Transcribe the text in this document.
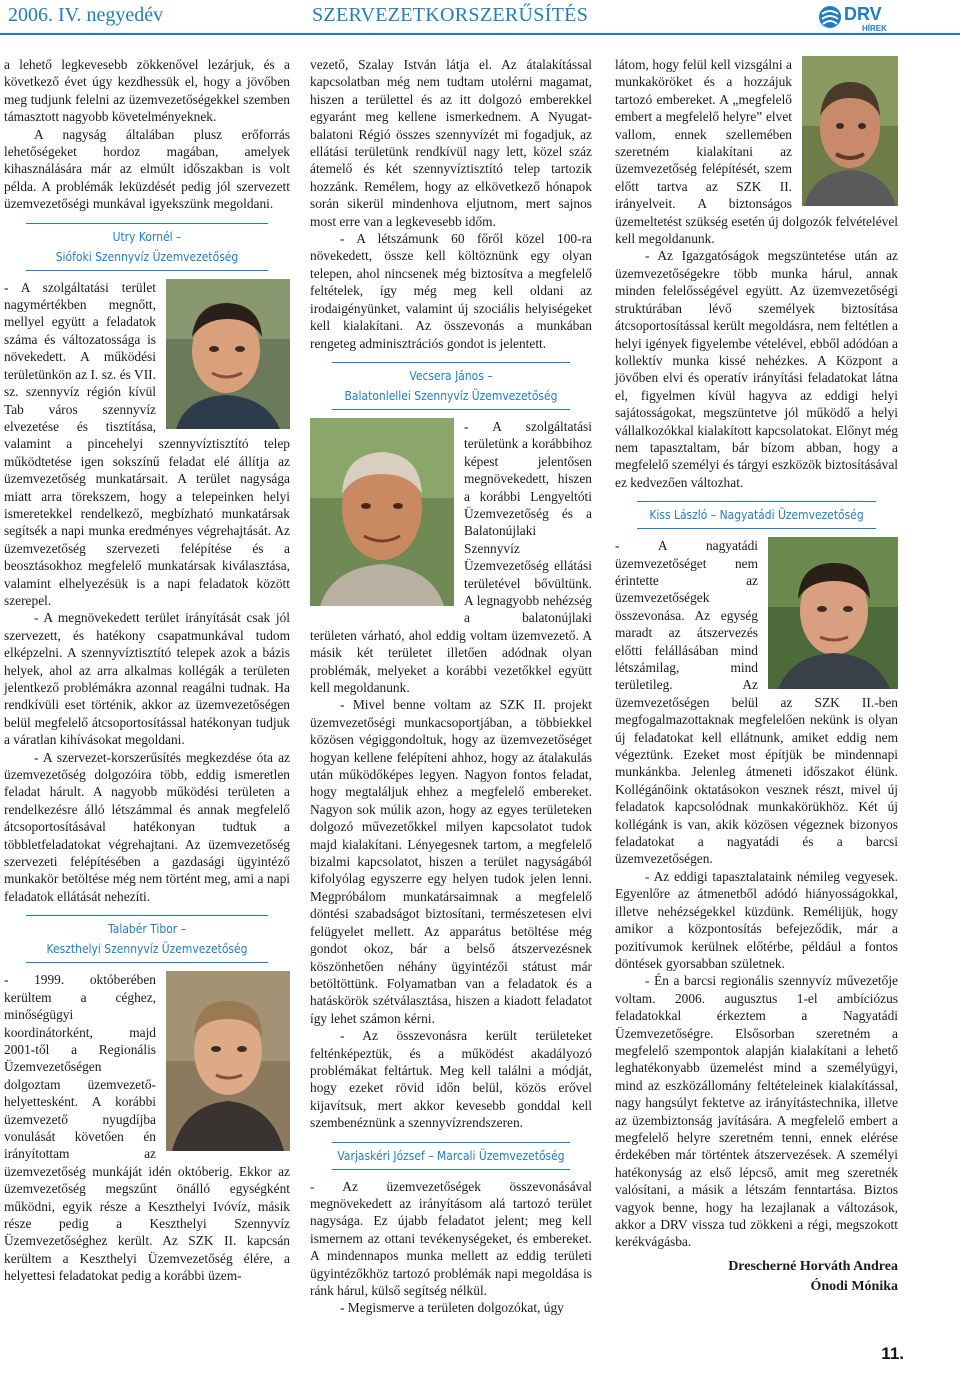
2006. IV. negyedév	SZERVEZETKORSZERŰSÍTÉS	DRV
HÍREK

a lehető legkevesebb zökkenővel lezárjuk, és a következő évet úgy kezdhessük el, hogy a jövőben meg tudjunk felelni az üzemvezetőségekkel szemben támasztott nagyobb követelményeknek.

A nagyság általában plusz erőforrás lehetőségeket hordoz magában, amelyek kihasználására már az elmúlt időszakban is volt példa. A problémák leküzdését pedig jól szervezett üzemvezetőségi munkával igyekszünk megoldani.

Utry Kornél –
Siófoki Szennyvíz Üzemvezetőség

- A szolgáltatási terület nagymértékben megnőtt, mellyel együtt a feladatok száma és változatossága is növekedett. A működési területünkön az I. sz. és VII. sz. szennyvíz régión kívül Tab város szennyvíz elvezetése és tisztítása, valamint a pincehelyi szennyvíztisztító telep működtetése igen sokszínű feladat elé állítja az üzemvezetőség munkatársait. A terület nagysága miatt arra törekszem, hogy a telepeinken helyi ismeretekkel rendelkező, megbízható munkatársak segítsék a napi munka eredményes végrehajtását. Az üzemvezetőség szervezeti felépítése és a beosztásokhoz megfelelő munkatársak kiválasztása, valamint elhelyezésük is a napi feladatok között szerepel.

- A megnövekedett terület irányítását csak jól szervezett, és hatékony csapatmunkával tudom elképzelni. A szennyvíztisztító telepek azok a bázis helyek, ahol az arra alkalmas kollégák a területen jelentkező problémákra azonnal reagálni tudnak. Ha rendkívüli eset történik, akkor az üzemvezetőségen belül megfelelő átcsoportosítással hatékonyan tudjuk a váratlan kihívásokat megoldani.

- A szervezet-korszerűsítés megkezdése óta az üzemvezetőség dolgozóira több, eddig ismeretlen feladat hárult. A nagyobb működési területen a rendelkezésre álló létszámmal és annak megfelelő átcsoportosításával hatékonyan tudtuk a többletfeladatokat végrehajtani. Az üzemvezetőség szervezeti felépítésében a gazdasági ügyintéző munkakör betöltése még nem történt meg, ami a napi feladatok ellátását nehezíti.

Talabér Tibor –
Keszthelyi Szennyvíz Üzemvezetőség

- 1999. októberében kerültem a céghez, minőségügyi koordinátorként, majd 2001-től a Regionális Üzemvezetőségen dolgoztam üzemvezető-helyettesként. A korábbi üzemvezető nyugdíjba vonulását követően én irányítottam az üzemvezetőség munkáját idén októberig. Ekkor az üzemvezetőség megszűnt önálló egységként működni, egyik része a Keszthelyi Ivóvíz, másik része pedig a Keszthelyi Szennyvíz Üzemvezetőséghez került. Az SZK II. kapcsán kerültem a Keszthelyi Üzemvezetőség élére, a helyettesi feladatokat pedig a korábbi üzem-

vezető, Szalay István látja el. Az átalakítással kapcsolatban még nem tudtam utolérni magamat, hiszen a területtel és az itt dolgozó emberekkel egyaránt meg kellene ismerkednem. A Nyugat-balatoni Régió összes szennyvízét mi fogadjuk, az ellátási területünk rendkívül nagy lett, közel száz átemelő és két szennyvíztisztító telep tartozik hozzánk. Remélem, hogy az elkövetkező hónapok során sikerül mindenhova eljutnom, mert sajnos most erre van a legkevesebb időm.

- A létszámunk 60 főről közel 100-ra növekedett, össze kell költöznünk egy olyan telepen, ahol nincsenek még biztosítva a megfelelő feltételek, így még meg kell oldani az irodaigényünket, valamint új szociális helyiségeket kell kialakítani. Az összevonás a munkában rengeteg adminisztrációs gondot is jelentett.

Vecsera János –
Balatonlellei Szennyvíz Üzemvezetőség

- A szolgáltatási területünk a korábbihoz képest jelentősen megnövekedett, hiszen a korábbi Lengyeltóti Üzemvezetőség és a Balatonújlaki Szennyvíz Üzemvezetőség ellátási területével bővültünk. A legnagyobb nehézség a balatonújlaki területen várható, ahol eddig voltam üzemvezető. A másik két területet illetően adódnak olyan problémák, melyeket a korábbi vezetőkkel együtt kell megoldanunk.

- Mivel benne voltam az SZK II. projekt üzemvezetőségi munkacsoportjában, a többiekkel közösen végiggondoltuk, hogy az üzemvezetőséget hogyan kellene felépíteni ahhoz, hogy az átalakulás után működőképes legyen. Nagyon fontos feladat, hogy megtaláljuk ehhez a megfelelő embereket. Nagyon sok múlik azon, hogy az egyes területeken dolgozó művezetőkkel milyen kapcsolatot tudok majd kialakítani. Lényegesnek tartom, a megfelelő bizalmi kapcsolatot, hiszen a terület nagyságából kifolyólag egyszerre egy helyen tudok jelen lenni. Megpróbálom munkatársaimnak a megfelelő döntési szabadságot biztosítani, természetesen elvi felügyelet mellett. Az apparátus betöltése még gondot okoz, bár a belső átszervezésnek köszönhetően néhány ügyintézői státust már betöltöttünk. Folyamatban van a feladatok és a hatáskörök szétválasztása, hiszen a kiadott feladatot így lehet számon kérni.

- Az összevonásra került területeket felténképeztük, és a működést akadályozó problémákat feltártuk. Meg kell találni a módját, hogy ezeket rövid időn belül, közös erővel kijavítsuk, mert akkor kevesebb gonddal kell szembenéznünk a szennyvízrendszeren.

Varjaskéri József – Marcali Üzemvezetőség

- Az üzemvezetőségek összevonásával megnövekedett az irányításom alá tartozó terület nagysága. Ez újabb feladatot jelent; meg kell ismernem az ottani tevékenységeket, és embereket. A mindennapos munka mellett az eddig területi ügyintézőkhöz tartozó problémák napi megoldása is ránk hárul, külső segítség nélkül.

- Megismerve a területen dolgozókat, úgy

látom, hogy felül kell vizsgálni a munkaköröket és a hozzájuk tartozó embereket. A „megfelelő embert a megfelelő helyre” elvet vallom, ennek szellemében szeretném kialakítani az üzemvezetőség felépítését, szem előtt tartva az SZK II. irányelveit. A biztonságos üzemeltetést szükség esetén új dolgozók felvételével kell megoldanunk.

- Az Igazgatóságok megszüntetése után az üzemvezetőségekre több munka hárul, annak minden felelősségével együtt. Az üzemvezetőségi struktúrában lévő személyek biztosítása átcsoportosítással került megoldásra, nem feltétlen a helyi igények figyelembe vételével, ebből adódóan a kollektív munka kissé nehézkes. A Központ a jövőben elvi és operatív irányítási feladatokat látna el, figyelmen kívül hagyva az eddigi helyi sajátosságokat, megszüntetve jól működő a helyi vállalkozókkal kialakított kapcsolatokat. Előnyt még nem tapasztaltam, bár bízom abban, hogy a megfelelő személyi és tárgyi eszközök biztosításával ez kedvezően változhat.

Kiss László – Nagyatádi Üzemvezetőség

- A nagyatádi üzemvezetőséget nem érintette az üzemvezetőségek összevonása. Az egység maradt az átszervezés előtti felállásában mind létszámilag, mind területileg. Az üzemvezetőségen belül az SZK II.-ben megfogalmazottaknak megfelelően nekünk is olyan új feladatokat kell ellátnunk, amiket eddig nem végeztünk. Ezeket most építjük be mindennapi munkánkba. Jelenleg átmeneti időszakot élünk. Kollégánőink oktatásokon vesznek részt, mivel új feladatok kapcsolódnak munkakörükhöz. Két új kollégánk is van, akik közösen végeznek bizonyos feladatokat a nagyatádi és a barcsi üzemvezetőségen.

- Az eddigi tapasztalataink némileg vegyesek. Egyenlőre az átmenetből adódó hiányosságokkal, illetve nehézségekkel küzdünk. Remélijük, hogy amikor a központosítás befejeződik, már a pozitívumok kerülnek előtérbe, például a fontos döntések gyorsabban születnek.

- Én a barcsi regionális szennyvíz művezetője voltam. 2006. augusztus 1-el ambíciózus feladatokkal érkeztem a Nagyatádi Üzemvezetőségre. Elsősorban szeretném a megfelelő szempontok alapján kialakítani a lehető leghatékonyabb üzemelést mind a személyügyi, mind az eszközállomány feltételeinek kialakítással, nagy hangsúlyt fektetve az irányítástechnika, illetve az üzembiztonság javítására. A megfelelő embert a megfelelő helyre szeretném tenni, ennek elérése érdekében már történtek átszervezések. A személyi hatékonyság az első lépcső, amit meg szeretnék valósítani, a másik a létszám fenntartása. Biztos vagyok benne, hogy ha lezajlanak a változások, akkor a DRV vissza tud zökkeni a régi, megszokott kerékvágásba.

Drescherné Horváth Andrea
Ónodi Mónika
11.
